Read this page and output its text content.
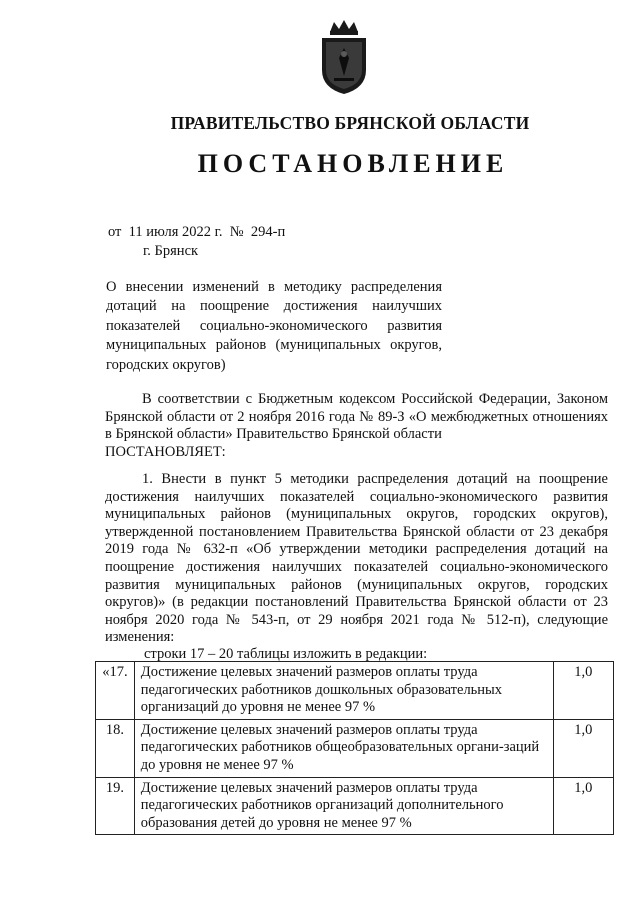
ПРАВИТЕЛЬСТВО БРЯНСКОЙ ОБЛАСТИ
ПОСТАНОВЛЕНИЕ
от  11 июля 2022 г.  №  294-п
г. Брянск
О внесении изменений в методику распределения дотаций на поощрение достижения наилучших показателей социально-экономического развития муниципальных районов (муниципальных округов, городских округов)
В соответствии с Бюджетным кодексом Российской Федерации, Законом Брянской области от 2 ноября 2016 года № 89-З «О межбюджетных отношениях в Брянской области» Правительство Брянской области

ПОСТАНОВЛЯЕТ:
1. Внести в пункт 5 методики распределения дотаций на поощрение достижения наилучших показателей социально-экономического развития муниципальных районов (муниципальных округов, городских округов), утвержденной постановлением Правительства Брянской области от 23 декабря 2019 года № 632-п «Об утверждении методики распределения дотаций на поощрение достижения наилучших показателей социально-экономического развития муниципальных районов (муниципальных округов, городских округов)» (в редакции постановлений Правительства Брянской области от 23 ноября 2020 года № 543-п, от 29 ноября 2021 года № 512-п), следующие изменения:
строки 17 – 20 таблицы изложить в редакции:
«17.	Достижение целевых значений размеров оплаты труда педагогических работников дошкольных образовательных организаций до уровня не менее 97 %	1,0
18.	Достижение целевых значений размеров оплаты труда педагогических работников общеобразовательных органи-заций до уровня не менее 97 %	1,0
19.	Достижение целевых значений размеров оплаты труда педагогических работников организаций дополнительного образования детей до уровня не менее 97 %	1,0
